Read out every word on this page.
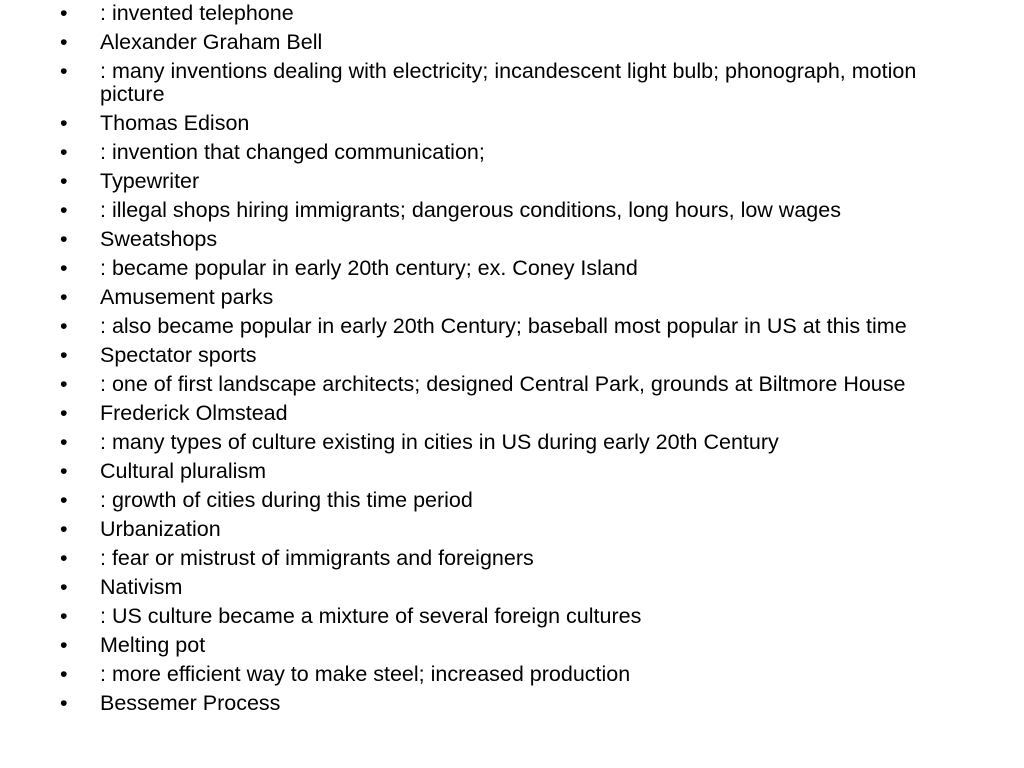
•	: invented telephone
•	Alexander Graham Bell
•	: many inventions dealing with electricity; incandescent light bulb; phonograph, motion picture
•	Thomas Edison
•	: invention that changed communication;
•	Typewriter
•	: illegal shops hiring immigrants; dangerous conditions, long hours, low wages
•	Sweatshops
•	: became popular in early 20th century; ex. Coney Island
•	Amusement parks
•	: also became popular in early 20th Century; baseball most popular in US at this time
•	Spectator sports
•	: one of first landscape architects; designed Central Park, grounds at Biltmore House
•	Frederick Olmstead
•	: many types of culture existing in cities in US during early 20th Century
•	Cultural pluralism
•	: growth of cities during this time period
•	Urbanization
•	: fear or mistrust of immigrants and foreigners
•	Nativism
•	: US culture became a mixture of several foreign cultures
•	Melting pot
•	: more efficient way to make steel; increased production
•	Bessemer Process
